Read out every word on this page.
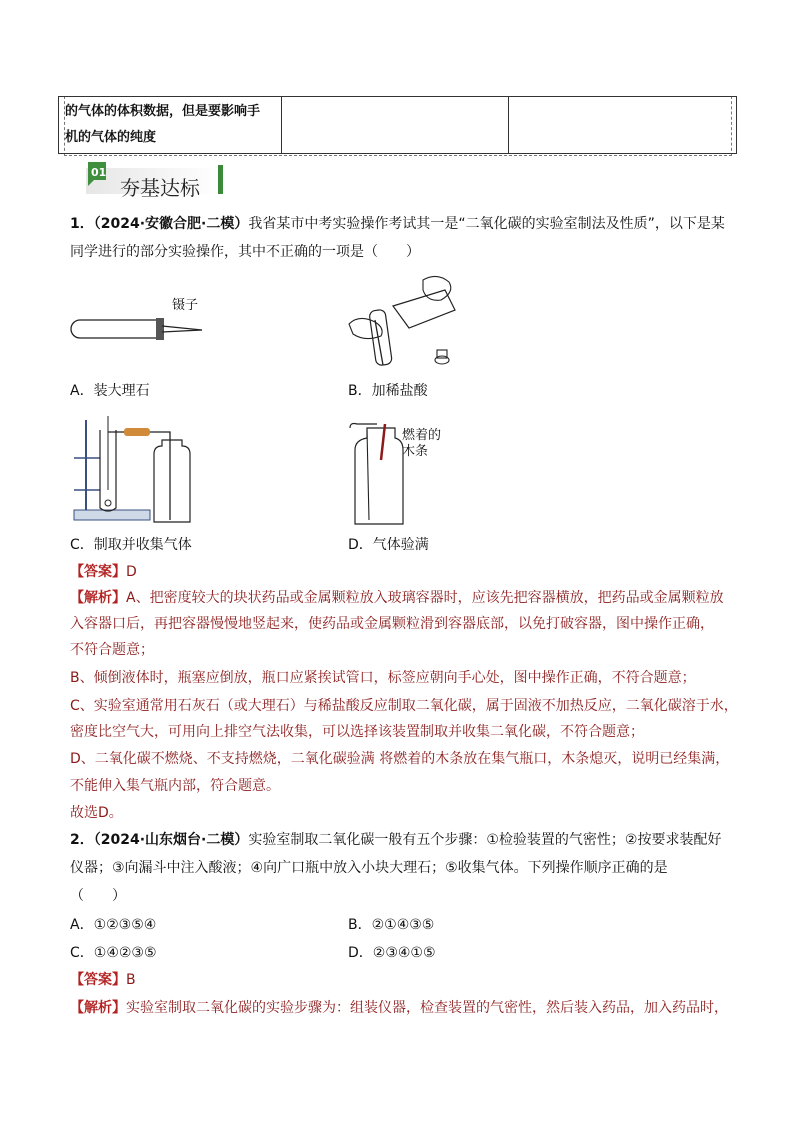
的气体的体积数据，但是要影响手
机的气体的纯度
01
夯基达标
1．（2024·安徽合肥·二模）我省某市中考实验操作考试其一是“二氧化碳的实验室制法及性质”，以下是某
同学进行的部分实验操作，其中不正确的一项是（　　）
镊子
A．装大理石	B．加稀盐酸
燃着的
木条
C．制取并收集气体	D．气体验满
【答案】D
【解析】A、把密度较大的块状药品或金属颗粒放入玻璃容器时，应该先把容器横放，把药品或金属颗粒放
入容器口后，再把容器慢慢地竖起来，使药品或金属颗粒滑到容器底部，以免打破容器，图中操作正确，
不符合题意；
B、倾倒液体时，瓶塞应倒放，瓶口应紧挨试管口，标签应朝向手心处，图中操作正确，不符合题意；
C、实验室通常用石灰石（或大理石）与稀盐酸反应制取二氧化碳，属于固液不加热反应，二氧化碳溶于水，
密度比空气大，可用向上排空气法收集，可以选择该装置制取并收集二氧化碳，不符合题意；
D、二氧化碳不燃烧、不支持燃烧，二氧化碳验满 将燃着的木条放在集气瓶口，木条熄灭，说明已经集满，
不能伸入集气瓶内部，符合题意。
故选D。
2．（2024·山东烟台·二模）实验室制取二氧化碳一般有五个步骤：①检验装置的气密性；②按要求装配好
仪器；③向漏斗中注入酸液；④向广口瓶中放入小块大理石；⑤收集气体。下列操作顺序正确的是
（　　）
A．①②③⑤④	B．②①④③⑤
C．①④②③⑤	D．②③④①⑤
【答案】B
【解析】实验室制取二氧化碳的实验步骤为：组装仪器，检查装置的气密性，然后装入药品，加入药品时，
